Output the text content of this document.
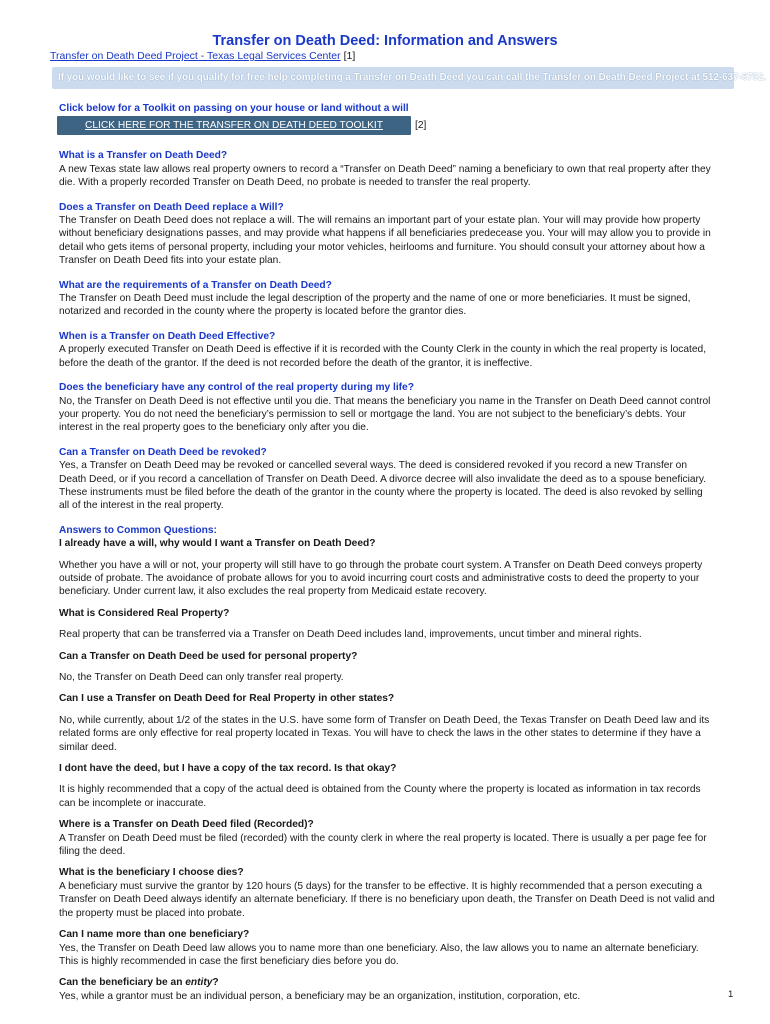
Transfer on Death Deed: Information and Answers
Transfer on Death Deed Project - Texas Legal Services Center [1]
If you would like to see if you qualify for free help completing a Transfer on Death Deed you can call the Transfer on Death Deed Project at 512-637-6752.
Click below for a Toolkit on passing on your house or land without a will
CLICK HERE FOR THE TRANSFER ON DEATH DEED TOOLKIT	[2]
What is a Transfer on Death Deed?

A new Texas state law allows real property owners to record a “Transfer on Death Deed” naming a beneficiary to own that real property after they die. With a properly recorded Transfer on Death Deed, no probate is needed to transfer the real property.

Does a Transfer on Death Deed replace a Will?

The Transfer on Death Deed does not replace a will. The will remains an important part of your estate plan. Your will may provide how property without beneficiary designations passes, and may provide what happens if all beneficiaries predecease you. Your will may allow you to provide in detail who gets items of personal property, including your motor vehicles, heirlooms and furniture. You should consult your attorney about how a Transfer on Death Deed fits into your estate plan.

What are the requirements of a Transfer on Death Deed?

The Transfer on Death Deed must include the legal description of the property and the name of one or more beneficiaries. It must be signed, notarized and recorded in the county where the property is located before the grantor dies.

When is a Transfer on Death Deed Effective?

A properly executed Transfer on Death Deed is effective if it is recorded with the County Clerk in the county in which the real property is located, before the death of the grantor. If the deed is not recorded before the death of the grantor, it is ineffective.

Does the beneficiary have any control of the real property during my life?

No, the Transfer on Death Deed is not effective until you die. That means the beneficiary you name in the Transfer on Death Deed cannot control your property. You do not need the beneficiary’s permission to sell or mortgage the land. You are not subject to the beneficiary’s debts. Your interest in the real property goes to the beneficiary only after you die.

Can a Transfer on Death Deed be revoked?

Yes, a Transfer on Death Deed may be revoked or cancelled several ways. The deed is considered revoked if you record a new Transfer on Death Deed, or if you record a cancellation of Transfer on Death Deed. A divorce decree will also invalidate the deed as to a spouse beneficiary. These instruments must be filed before the death of the grantor in the county where the property is located. The deed is also revoked by selling all of the interest in the real property.

Answers to Common Questions:
I already have a will, why would I want a Transfer on Death Deed?

Whether you have a will or not, your property will still have to go through the probate court system. A Transfer on Death Deed conveys property outside of probate. The avoidance of probate allows for you to avoid incurring court costs and administrative costs to deed the property to your beneficiary. Under current law, it also excludes the real property from Medicaid estate recovery.

What is Considered Real Property?

Real property that can be transferred via a Transfer on Death Deed includes land, improvements, uncut timber and mineral rights.

Can a Transfer on Death Deed be used for personal property?

No, the Transfer on Death Deed can only transfer real property.

Can I use a Transfer on Death Deed for Real Property in other states?

No, while currently, about 1/2 of the states in the U.S. have some form of Transfer on Death Deed, the Texas Transfer on Death Deed law and its related forms are only effective for real property located in Texas. You will have to check the laws in the other states to determine if they have a similar deed.

I dont have the deed, but I have a copy of the tax record. Is that okay?

It is highly recommended that a copy of the actual deed is obtained from the County where the property is located as information in tax records can be incomplete or inaccurate.

Where is a Transfer on Death Deed filed (Recorded)?

A Transfer on Death Deed must be filed (recorded) with the county clerk in where the real property is located. There is usually a per page fee for filing the deed.

What is the beneficiary I choose dies?

A beneficiary must survive the grantor by 120 hours (5 days) for the transfer to be effective. It is highly recommended that a person executing a Transfer on Death Deed always identify an alternate beneficiary. If there is no beneficiary upon death, the Transfer on Death Deed is not valid and the property must be placed into probate.

Can I name more than one beneficiary?

Yes, the Transfer on Death Deed law allows you to name more than one beneficiary. Also, the law allows you to name an alternate beneficiary. This is highly recommended in case the first beneficiary dies before you do.

Can the beneficiary be an entity?

Yes, while a grantor must be an individual person, a beneficiary may be an organization, institution, corporation, etc.	1
